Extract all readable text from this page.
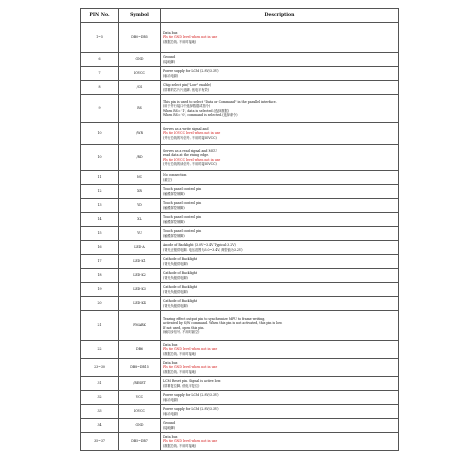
PIN No.	Symbol	Description
1~5	DB0~DB5	Data bus
Pls tie GND level when not in use
(数据总线, 不用时接地)

6	GND	Ground
(接地脚)

7	IOVCC	Power supply for LCM (2.8V/3.3V)
(驱动电源)

8	/CS	Chip select pin("Low" enable)
(屏幕的芯片片选脚, 低电平有效)

9	RS	This pin is used to select "Data or Command" in the parallel interface.
(用于并行接口中选择数据或指令)
When RS= '1', data is selected.(选择数据)
When RS= '0', command is selected.(选择命令)

10	/WR	Serves as a write signal and
Pls tie IOVCC level when not in use
(并行总线的写信号, 不用时接IOVCC)

10	/RD	Serves as a read signal and MCU
read data at the rising edge.
Pls tie IOVCC level when not in use
(并行总线的读信号, 不用时接IOVCC)

11	NC	No connection
(悬空)

12	XR	Touch panel control pin
(触摸屏控制脚)

13	YD	Touch panel control pin
(触摸屏控制脚)

14	XL	Touch panel control pin
(触摸屏控制脚)

15	YU	Touch panel control pin
(触摸屏控制脚)

16	LED-A	Anode of Backlight (3.0V~3.4V Typical:3.2V)
(背光正极供电脚, 电压范围为3.0~3.4V, 典型值为3.2V)

17	LED-K1	Cathode of Backlight
(背光负极供电脚)

18	LED-K2	Cathode of Backlight
(背光负极供电脚)

19	LED-K3	Cathode of Backlight
(背光负极供电脚)

20	LED-K4	Cathode of Backlight
(背光负极供电脚)

21	FMARK	Tearing effect output pin to synchronize MPU to frame writing,
activated by S/W command. When this pin is not activated, this pin is low.
If not used, open this pin.
(帧同步信号, 不用时悬空)

22	DB6	Data bus
Pls tie GND level when not in use
(数据总线, 不用时接地)

23~30	DB8~DB15	Data bus
Pls tie GND level when not in use
(数据总线, 不用时接地)

31	/RESET	LCM Reset pin. Signal is active low.
(屏幕复位脚, 低电平复位)

32	VCC	Power supply for LCM (2.8V/3.3V)
(驱动电源)

33	IOVCC	Power supply for LCM (2.8V/3.3V)
(驱动电源)

34	GND	Ground
(接地脚)

35~37	DB5~DB7	Data bus
Pls tie GND level when not in use
(数据总线, 不用时接地)
